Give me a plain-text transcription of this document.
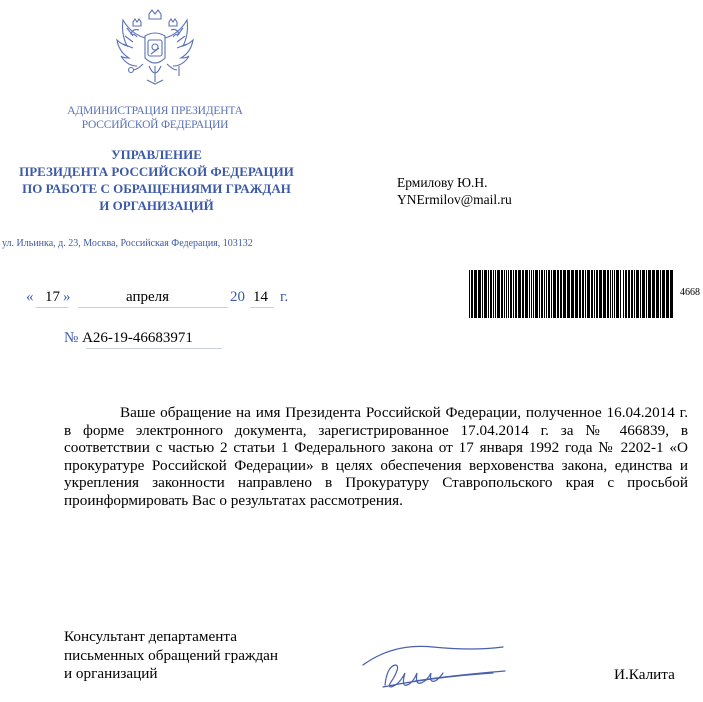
АДМИНИСТРАЦИЯ ПРЕЗИДЕНТА
РОССИЙСКОЙ ФЕДЕРАЦИИ
УПРАВЛЕНИЕ
ПРЕЗИДЕНТА РОССИЙСКОЙ ФЕДЕРАЦИИ
ПО РАБОТЕ С ОБРАЩЕНИЯМИ ГРАЖДАН
И ОРГАНИЗАЦИЙ
ул. Ильинка, д. 23, Москва, Российская Федерация, 103132
Ермилову Ю.Н.
YNErmilov@mail.ru
« 17 »	апреля	20 14 г.
№ А26-19-46683971
4668
Ваше обращение на имя Президента Российской Федерации, полученное 16.04.2014 г. в форме электронного документа, зарегистрированное 17.04.2014 г. за № 466839, в соответствии с частью 2 статьи 1 Федерального закона от 17 января 1992 года № 2202-1 «О прокуратуре Российской Федерации» в целях обеспечения верховенства закона, единства и укрепления законности направлено в Прокуратуру Ставропольского края с просьбой проинформировать Вас о результатах рассмотрения.
Консультант департамента
письменных обращений граждан
и организаций	И.Калита
